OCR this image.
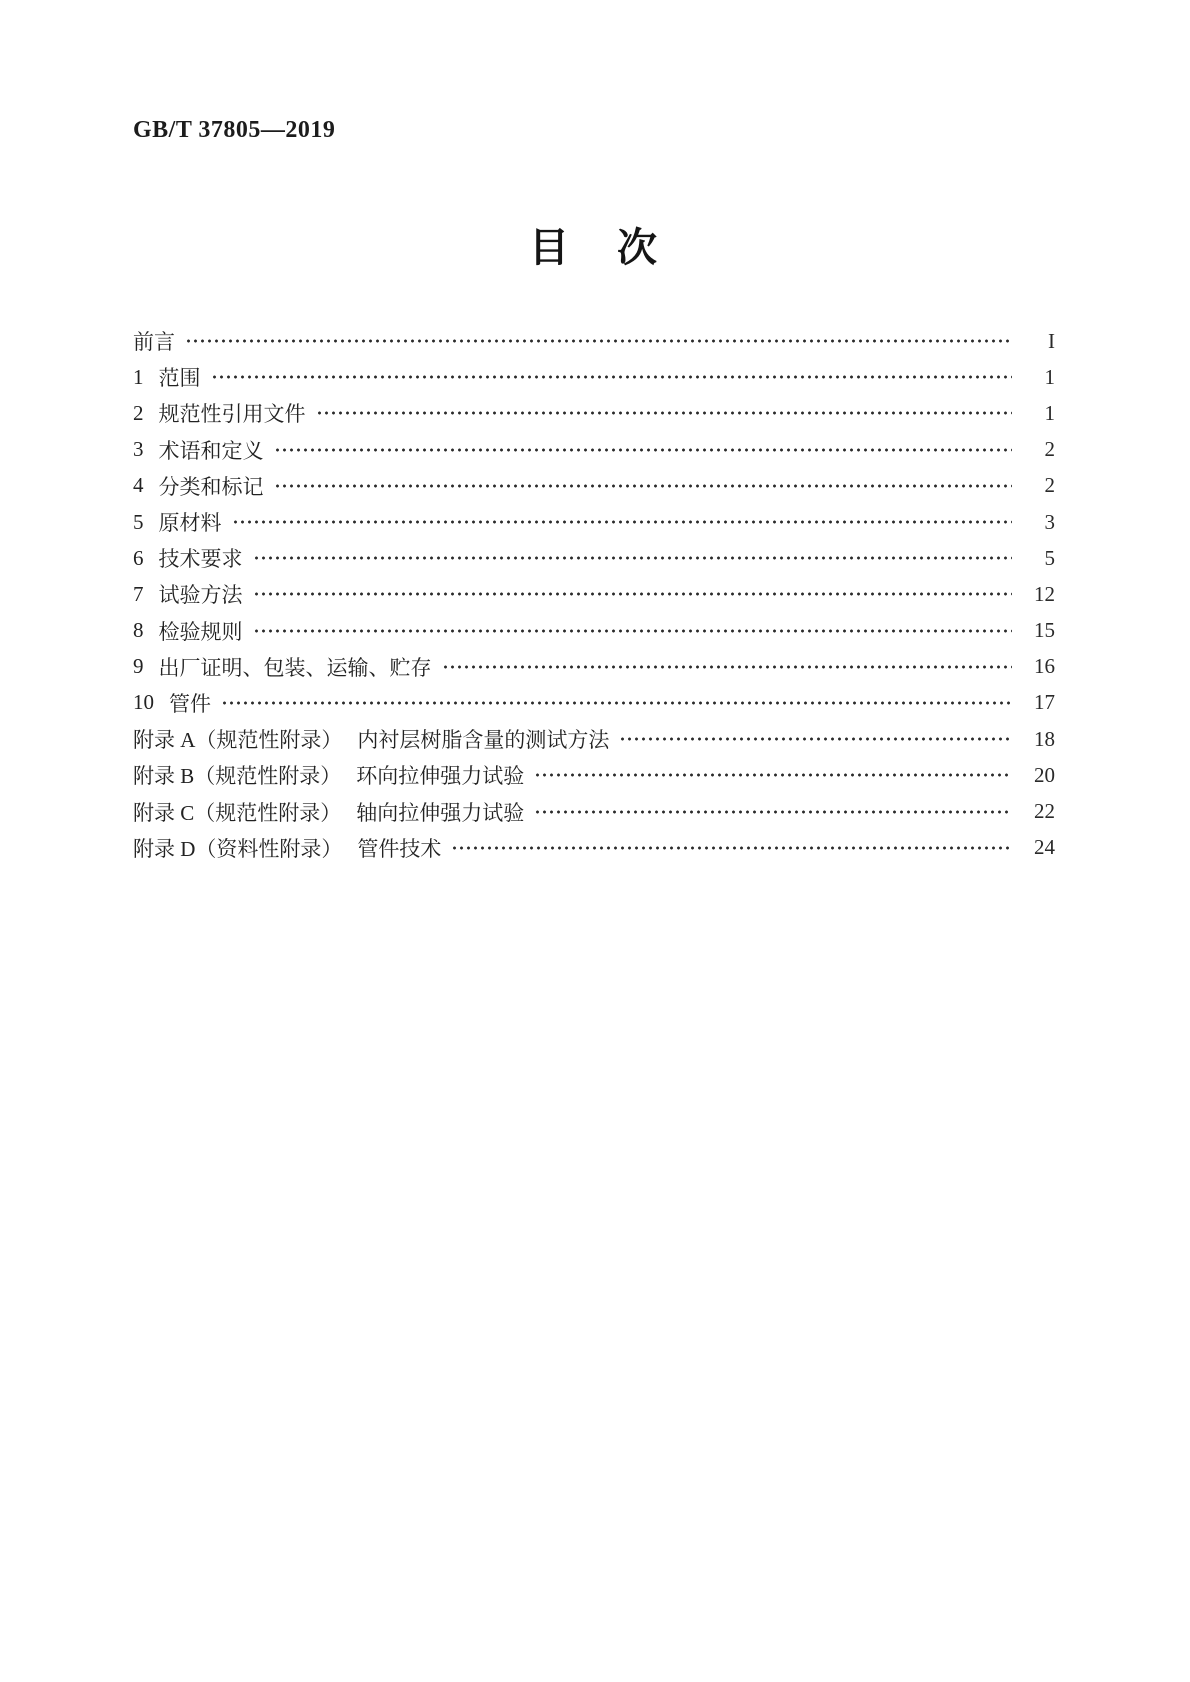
GB/T 37805—2019
目　次
前言	I
1 范围	1
2 规范性引用文件	1
3 术语和定义	2
4 分类和标记	2
5 原材料	3
6 技术要求	5
7 试验方法	12
8 检验规则	15
9 出厂证明、包装、运输、贮存	16
10 管件	17
附录 A（规范性附录） 内衬层树脂含量的测试方法	18
附录 B（规范性附录） 环向拉伸强力试验	20
附录 C（规范性附录） 轴向拉伸强力试验	22
附录 D（资料性附录） 管件技术	24
